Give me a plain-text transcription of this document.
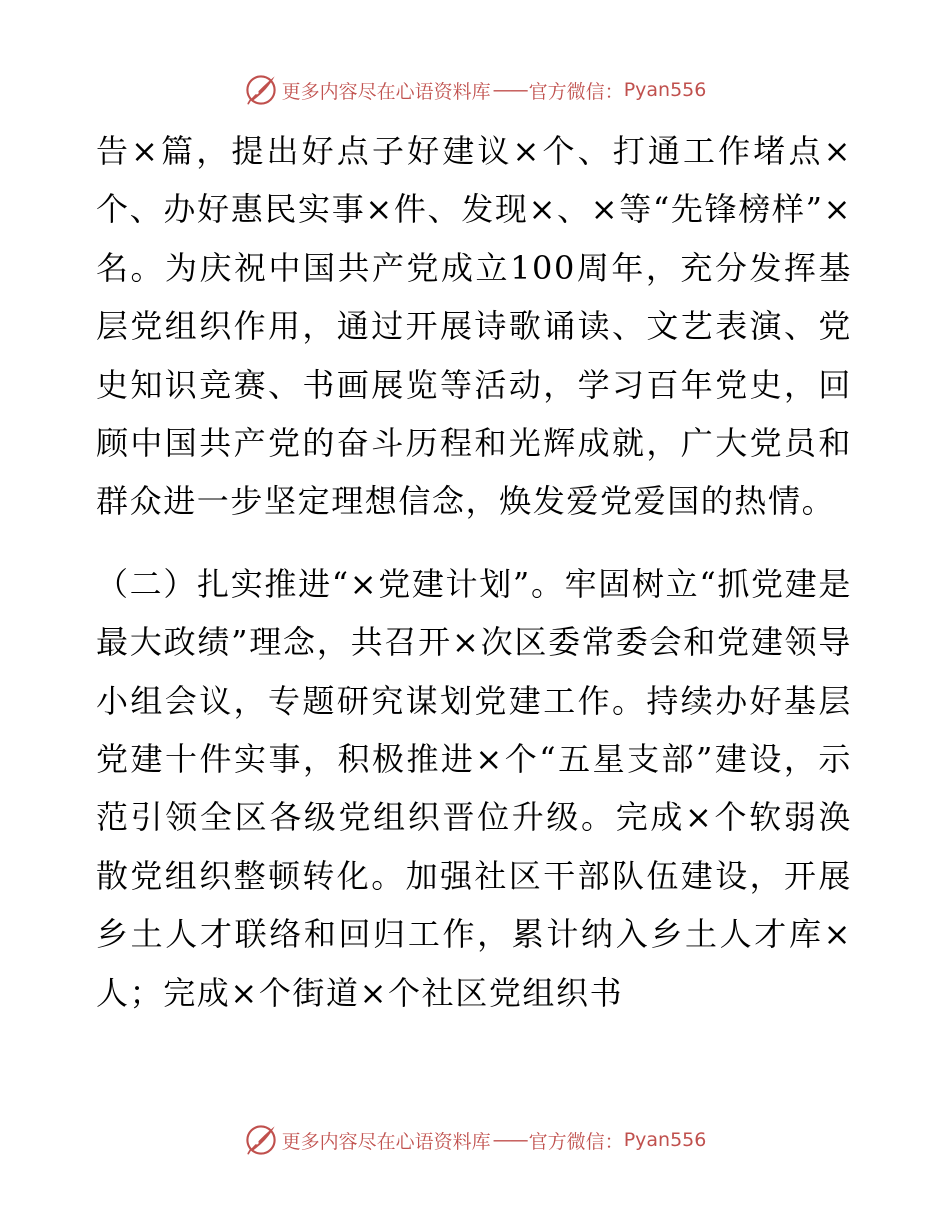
更多内容尽在心语资料库 —— 官方微信： Pyan556

告×篇，提出好点子好建议×个、打通工作堵点×个、办好惠民实事×件、发现×、×等“先锋榜样”×名。为庆祝中国共产党成立100周年，充分发挥基层党组织作用，通过开展诗歌诵读、文艺表演、党史知识竞赛、书画展览等活动，学习百年党史，回顾中国共产党的奋斗历程和光辉成就，广大党员和群众进一步坚定理想信念，焕发爱党爱国的热情。

（二）扎实推进“×党建计划”。牢固树立“抓党建是最大政绩”理念，共召开×次区委常委会和党建领导小组会议，专题研究谋划党建工作。持续办好基层党建十件实事，积极推进×个“五星支部”建设，示范引领全区各级党组织晋位升级。完成×个软弱涣散党组织整顿转化。加强社区干部队伍建设，开展乡土人才联络和回归工作，累计纳入乡土人才库×人；完成×个街道×个社区党组织书

更多内容尽在心语资料库 —— 官方微信： Pyan556
